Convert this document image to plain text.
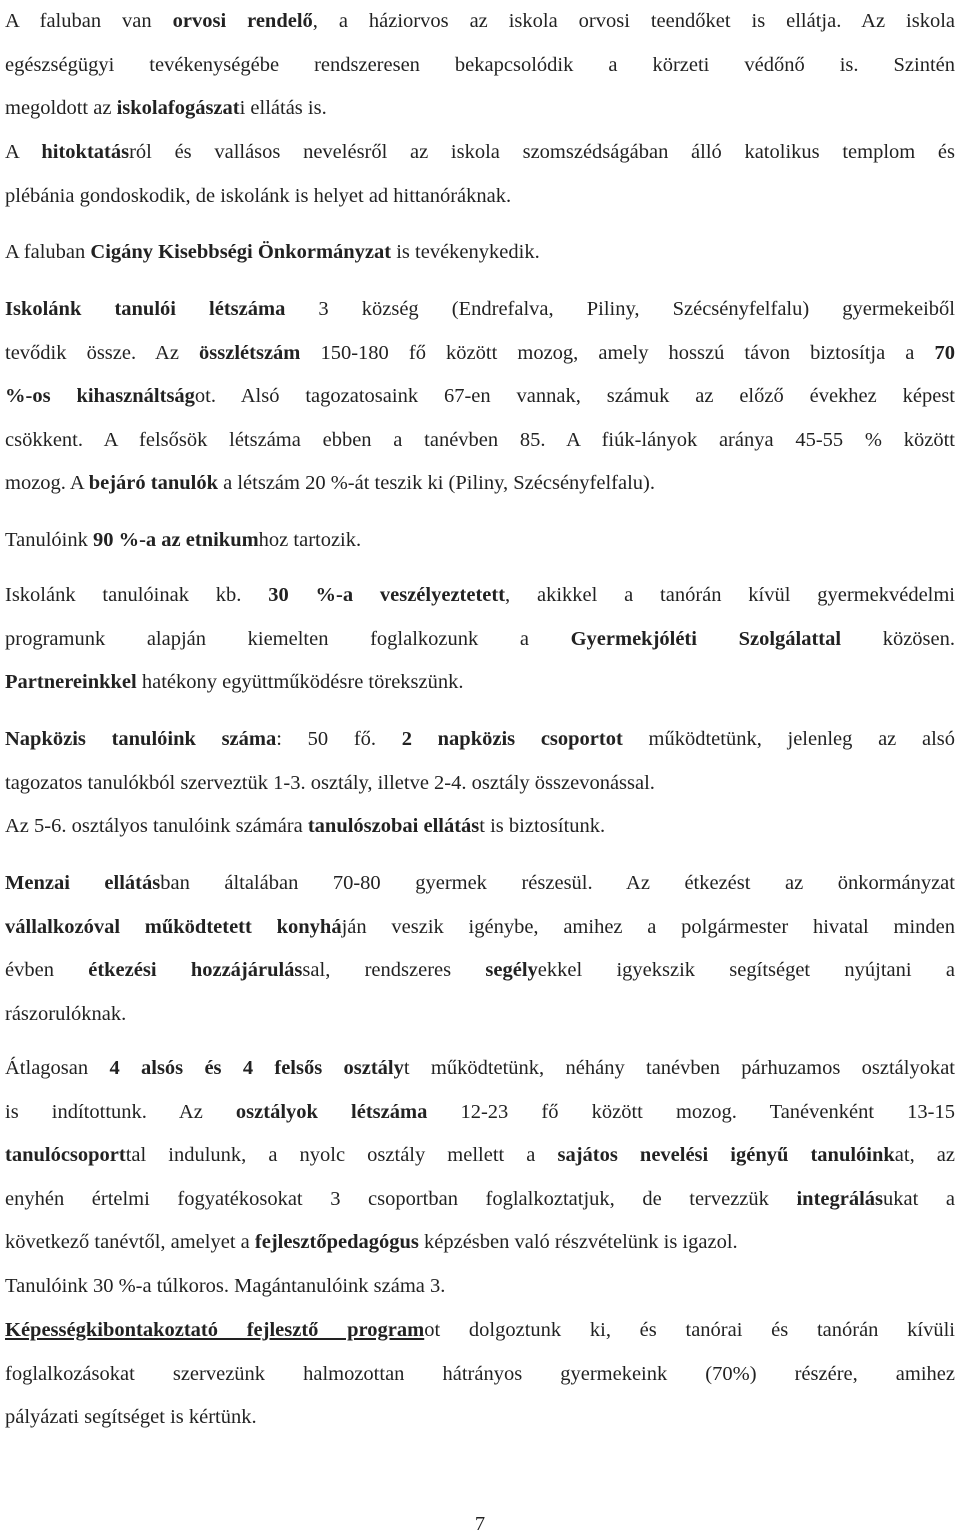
A faluban van orvosi rendelő, a háziorvos az iskola orvosi teendőket is ellátja. Az iskola
egészségügyi tevékenységébe rendszeresen bekapcsolódik a körzeti védőnő is. Szintén
megoldott az iskolafogászati ellátás is.
A hitoktatásról és vallásos nevelésről az iskola szomszédságában álló katolikus templom és
plébánia gondoskodik, de iskolánk is helyet ad hittanóráknak.
A faluban Cigány Kisebbségi Önkormányzat is tevékenykedik.
Iskolánk tanulói létszáma 3 község (Endrefalva, Piliny, Szécsényfelfalu) gyermekeiből
tevődik össze. Az összlétszám 150-180 fő között mozog, amely hosszú távon biztosítja a 70
%-os kihasználtságot. Alsó tagozatosaink 67-en vannak, számuk az előző évekhez képest
csökkent. A felsősök létszáma ebben a tanévben 85. A fiúk-lányok aránya 45-55 % között
mozog. A bejáró tanulók a létszám 20 %-át teszik ki (Piliny, Szécsényfelfalu).
Tanulóink 90 %-a az etnikumhoz tartozik.
Iskolánk tanulóinak kb. 30 %-a veszélyeztetett, akikkel a tanórán kívül gyermekvédelmi
programunk alapján kiemelten foglalkozunk a Gyermekjóléti Szolgálattal közösen.
Partnereinkkel hatékony együttműködésre törekszünk.
Napközis tanulóink száma: 50 fő. 2 napközis csoportot működtetünk, jelenleg az alsó
tagozatos tanulókból szerveztük 1-3. osztály, illetve 2-4. osztály összevonással.
Az 5-6. osztályos tanulóink számára tanulószobai ellátást is biztosítunk.
Menzai ellátásban általában 70-80 gyermek részesül. Az étkezést az önkormányzat
vállalkozóval működtetett konyháján veszik igénybe, amihez a polgármester hivatal minden
évben étkezési hozzájárulással, rendszeres segélyekkel igyekszik segítséget nyújtani a
rászorulóknak.
Átlagosan 4 alsós és 4 felsős osztályt működtetünk, néhány tanévben párhuzamos osztályokat
is indítottunk. Az osztályok létszáma 12-23 fő között mozog. Tanévenként 13-15
tanulócsoporttal indulunk, a nyolc osztály mellett a sajátos nevelési igényű tanulóinkat, az
enyhén értelmi fogyatékosokat 3 csoportban foglalkoztatjuk, de tervezzük integrálásukat a
következő tanévtől, amelyet a fejlesztőpedagógus képzésben való részvételünk is igazol.
Tanulóink 30 %-a túlkoros. Magántanulóink száma 3.
Képességkibontakoztató fejlesztő programot dolgoztunk ki, és tanórai és tanórán kívüli
foglalkozásokat szervezünk halmozottan hátrányos gyermekeink (70%) részére, amihez
pályázati segítséget is kértünk.
7
